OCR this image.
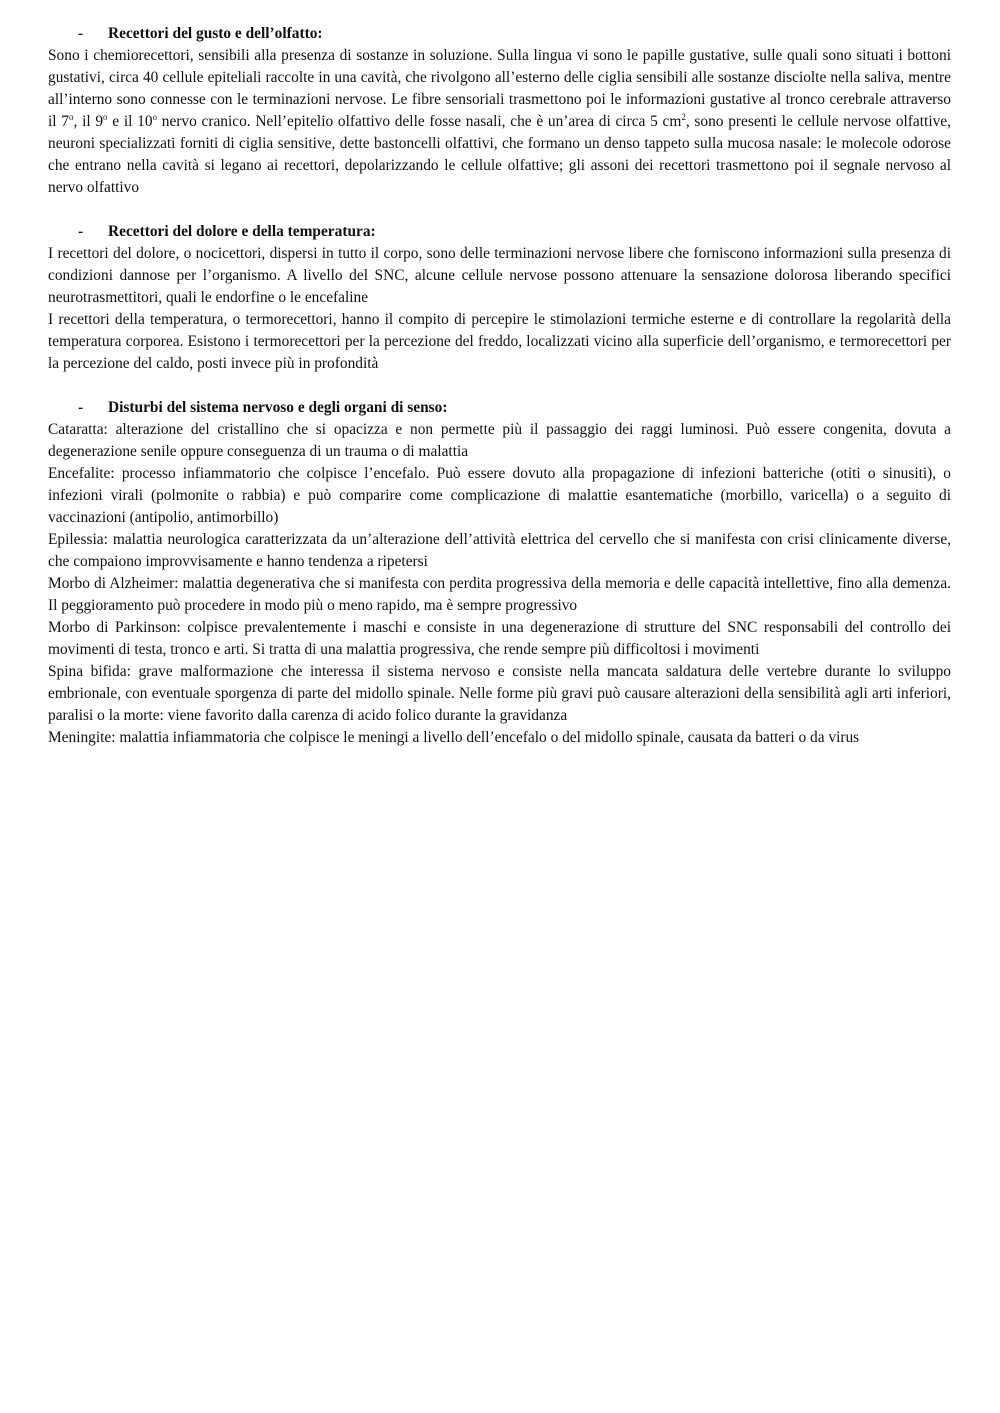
- Recettori del gusto e dell’olfatto:

Sono i chemiorecettori, sensibili alla presenza di sostanze in soluzione. Sulla lingua vi sono le papille gustative, sulle quali sono situati i bottoni gustativi, circa 40 cellule epiteliali raccolte in una cavità, che rivolgono all’esterno delle ciglia sensibili alle sostanze disciolte nella saliva, mentre all’interno sono connesse con le terminazioni nervose. Le fibre sensoriali trasmettono poi le informazioni gustative al tronco cerebrale attraverso il 7$^o$, il 9$^o$ e il 10$^o$ nervo cranico. Nell’epitelio olfattivo delle fosse nasali, che è un’area di circa 5 $cm^2$, sono presenti le cellule nervose olfattive, neuroni specializzati forniti di ciglia sensitive, dette bastoncelli olfattivi, che formano un denso tappeto sulla mucosa nasale: le molecole odorose che entrano nella cavità si legano ai recettori, depolarizzando le cellule olfattive; gli assoni dei recettori trasmettono poi il segnale nervoso al nervo olfattivo

- Recettori del dolore e della temperatura:

I recettori del dolore, o nocicettori, dispersi in tutto il corpo, sono delle terminazioni nervose libere che forniscono informazioni sulla presenza di condizioni dannose per l’organismo. A livello del SNC, alcune cellule nervose possono attenuare la sensazione dolorosa liberando specifici neurotrasmettitori, quali le endorfine o le encefaline

I recettori della temperatura, o termorecettori, hanno il compito di percepire le stimolazioni termiche esterne e di controllare la regolarità della temperatura corporea. Esistono i termorecettori per la percezione del freddo, localizzati vicino alla superficie dell’organismo, e termorecettori per la percezione del caldo, posti invece più in profondità

- Disturbi del sistema nervoso e degli organi di senso:

Cataratta: alterazione del cristallino che si opacizza e non permette più il passaggio dei raggi luminosi. Può essere congenita, dovuta a degenerazione senile oppure conseguenza di un trauma o di malattia

Encefalite: processo infiammatorio che colpisce l’encefalo. Può essere dovuto alla propagazione di infezioni batteriche (otiti o sinusiti), o infezioni virali (polmonite o rabbia) e può comparire come complicazione di malattie esantematiche (morbillo, varicella) o a seguito di vaccinazioni (antipolio, antimorbillo)

Epilessia: malattia neurologica caratterizzata da un’alterazione dell’attività elettrica del cervello che si manifesta con crisi clinicamente diverse, che compaiono improvvisamente e hanno tendenza a ripetersi

Morbo di Alzheimer: malattia degenerativa che si manifesta con perdita progressiva della memoria e delle capacità intellettive, fino alla demenza. Il peggioramento può procedere in modo più o meno rapido, ma è sempre progressivo

Morbo di Parkinson: colpisce prevalentemente i maschi e consiste in una degenerazione di strutture del SNC responsabili del controllo dei movimenti di testa, tronco e arti. Si tratta di una malattia progressiva, che rende sempre più difficoltosi i movimenti

Spina bifida: grave malformazione che interessa il sistema nervoso e consiste nella mancata saldatura delle vertebre durante lo sviluppo embrionale, con eventuale sporgenza di parte del midollo spinale. Nelle forme più gravi può causare alterazioni della sensibilità agli arti inferiori, paralisi o la morte: viene favorito dalla carenza di acido folico durante la gravidanza

Meningite: malattia infiammatoria che colpisce le meningi a livello dell’encefalo o del midollo spinale, causata da batteri o da virus
